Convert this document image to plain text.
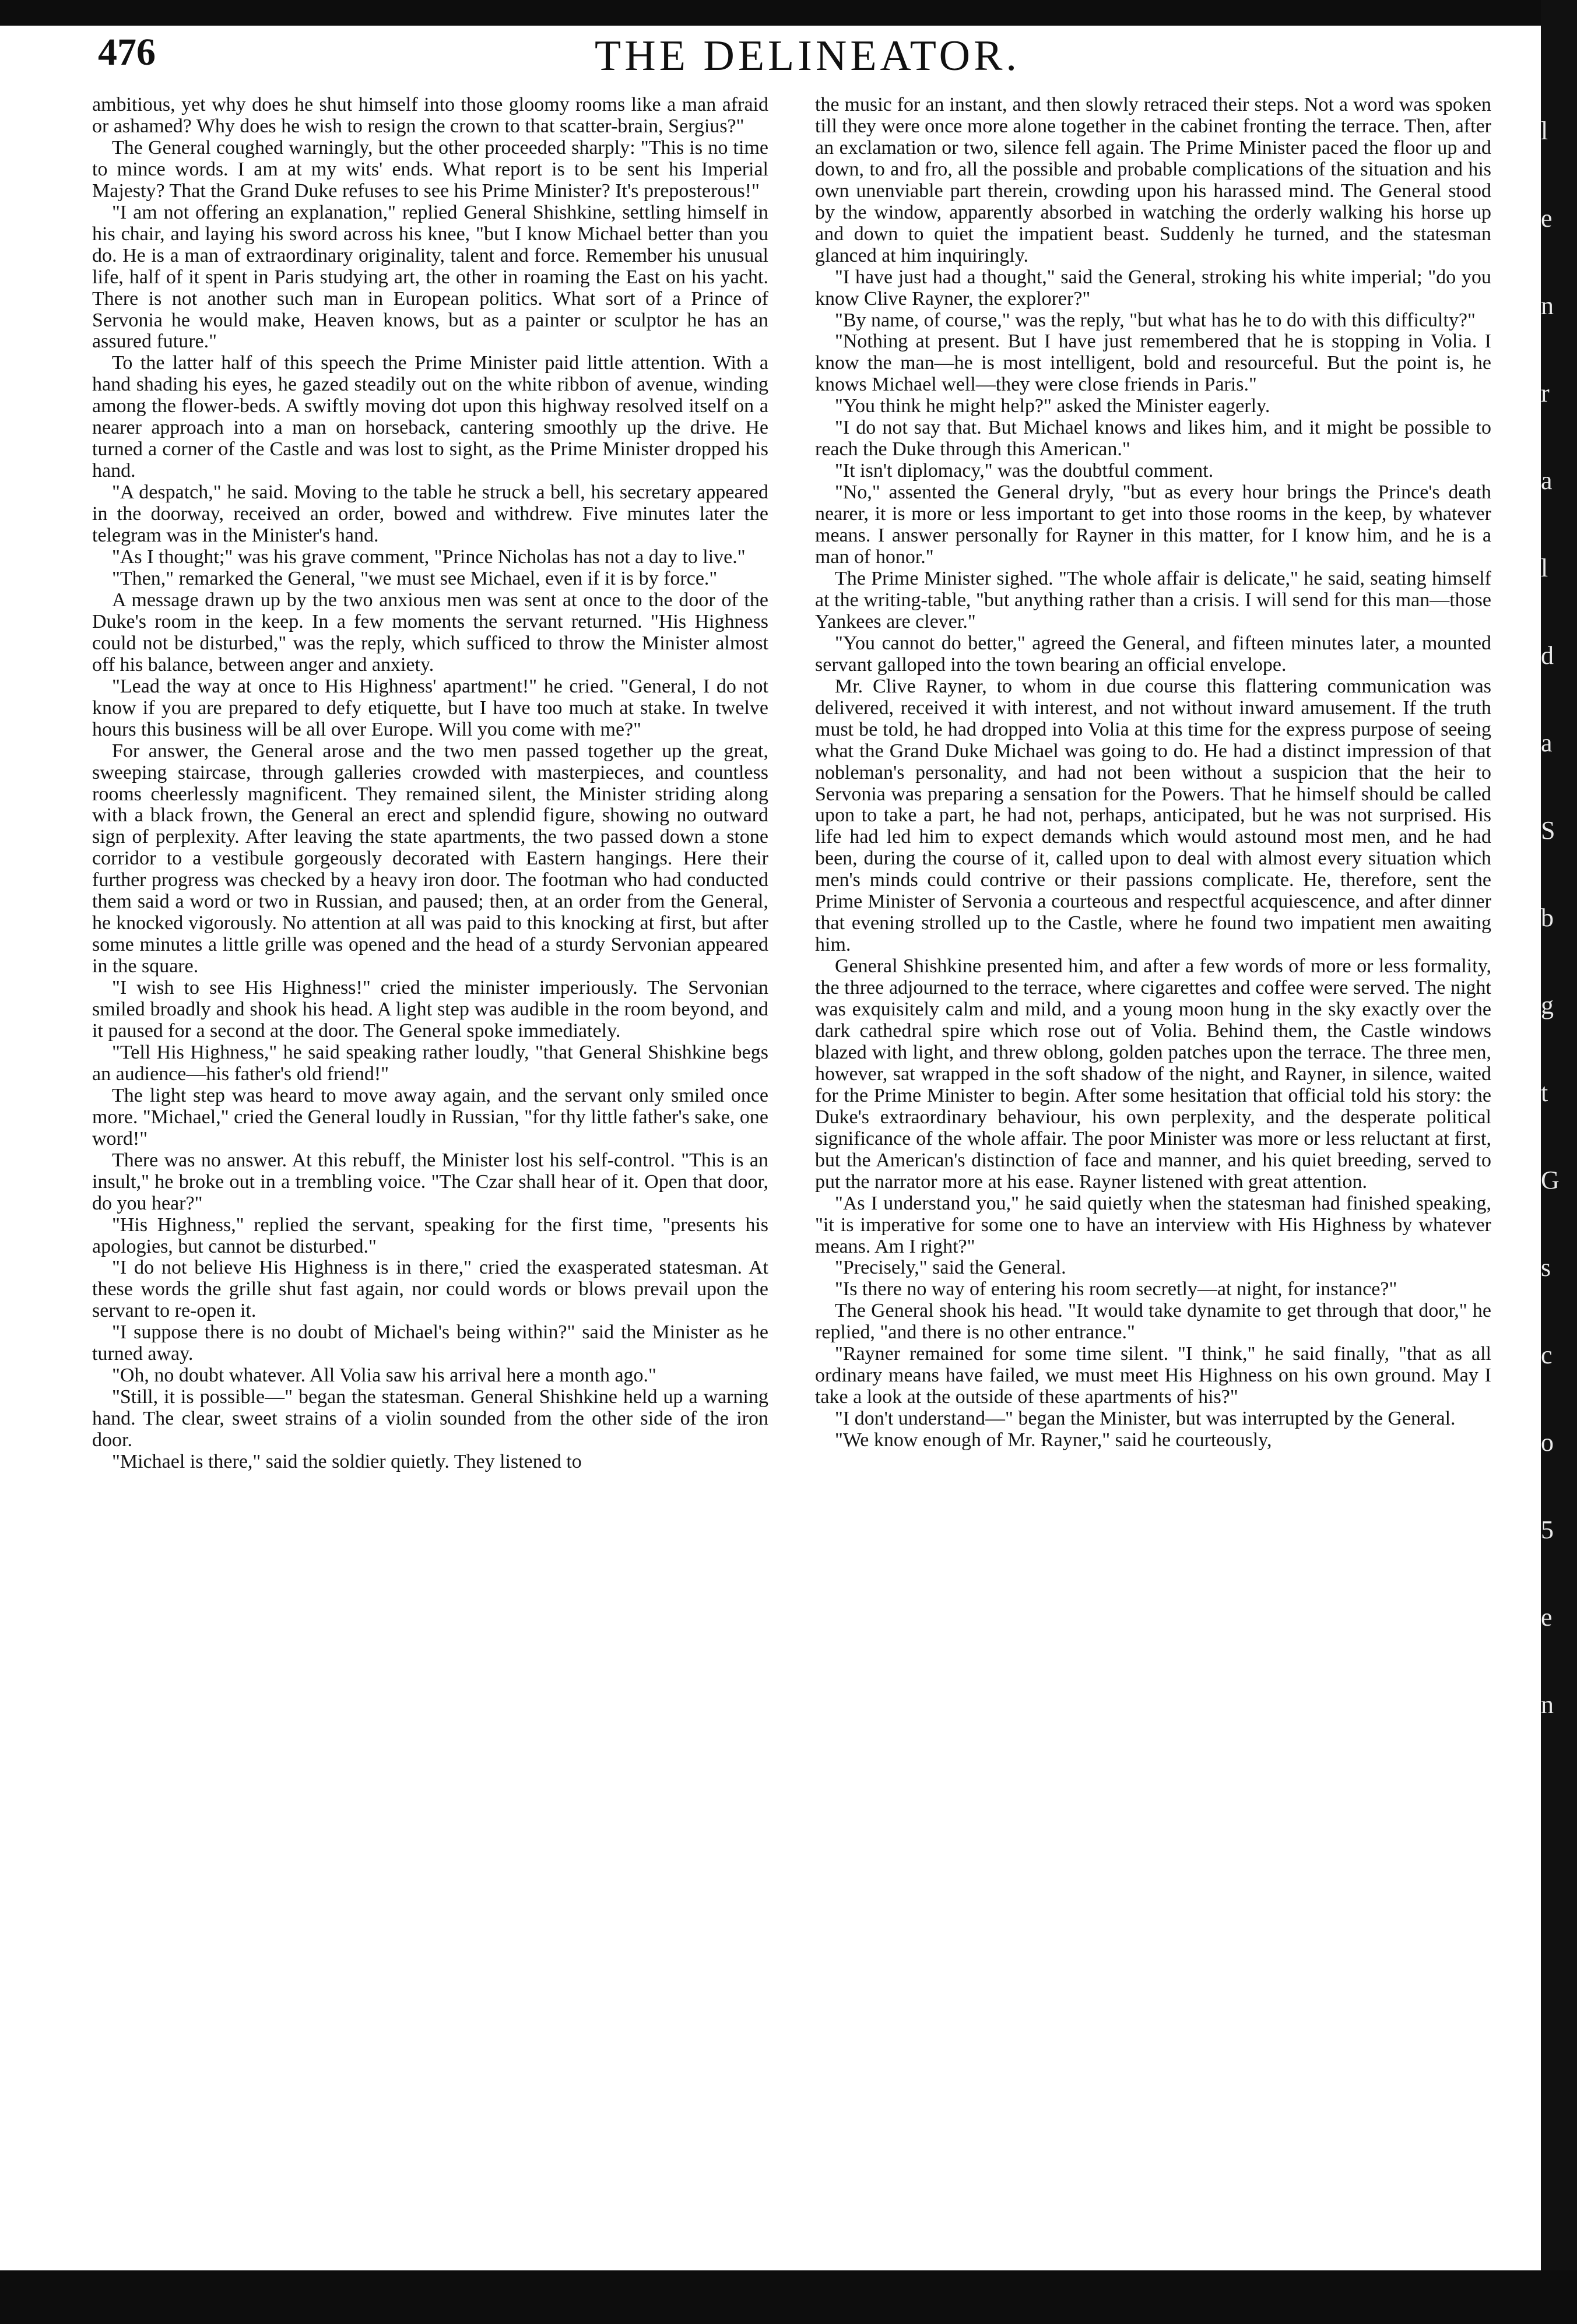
476	THE DELINEATOR.

ambitious, yet why does he shut himself into those gloomy rooms like a man afraid or ashamed? Why does he wish to resign the crown to that scatter-brain, Sergius?"

The General coughed warningly, but the other proceeded sharply: "This is no time to mince words. I am at my wits' ends. What report is to be sent his Imperial Majesty? That the Grand Duke refuses to see his Prime Minister? It's preposterous!"

"I am not offering an explanation," replied General Shishkine, settling himself in his chair, and laying his sword across his knee, "but I know Michael better than you do. He is a man of extraordinary originality, talent and force. Remember his unusual life, half of it spent in Paris studying art, the other in roaming the East on his yacht. There is not another such man in European politics. What sort of a Prince of Servonia he would make, Heaven knows, but as a painter or sculptor he has an assured future."

To the latter half of this speech the Prime Minister paid little attention. With a hand shading his eyes, he gazed steadily out on the white ribbon of avenue, winding among the flower-beds. A swiftly moving dot upon this highway resolved itself on a nearer approach into a man on horseback, cantering smoothly up the drive. He turned a corner of the Castle and was lost to sight, as the Prime Minister dropped his hand.

"A despatch," he said. Moving to the table he struck a bell, his secretary appeared in the doorway, received an order, bowed and withdrew. Five minutes later the telegram was in the Minister's hand.

"As I thought;" was his grave comment, "Prince Nicholas has not a day to live."

"Then," remarked the General, "we must see Michael, even if it is by force."

A message drawn up by the two anxious men was sent at once to the door of the Duke's room in the keep. In a few moments the servant returned. "His Highness could not be disturbed," was the reply, which sufficed to throw the Minister almost off his balance, between anger and anxiety.

"Lead the way at once to His Highness' apartment!" he cried. "General, I do not know if you are prepared to defy etiquette, but I have too much at stake. In twelve hours this business will be all over Europe. Will you come with me?"

For answer, the General arose and the two men passed together up the great, sweeping staircase, through galleries crowded with masterpieces, and countless rooms cheerlessly magnificent. They remained silent, the Minister striding along with a black frown, the General an erect and splendid figure, showing no outward sign of perplexity. After leaving the state apartments, the two passed down a stone corridor to a vestibule gorgeously decorated with Eastern hangings. Here their further progress was checked by a heavy iron door. The footman who had conducted them said a word or two in Russian, and paused; then, at an order from the General, he knocked vigorously. No attention at all was paid to this knocking at first, but after some minutes a little grille was opened and the head of a sturdy Servonian appeared in the square.

"I wish to see His Highness!" cried the minister imperiously. The Servonian smiled broadly and shook his head. A light step was audible in the room beyond, and it paused for a second at the door. The General spoke immediately.

"Tell His Highness," he said speaking rather loudly, "that General Shishkine begs an audience—his father's old friend!"

The light step was heard to move away again, and the servant only smiled once more. "Michael," cried the General loudly in Russian, "for thy little father's sake, one word!"

There was no answer. At this rebuff, the Minister lost his self-control. "This is an insult," he broke out in a trembling voice. "The Czar shall hear of it. Open that door, do you hear?"

"His Highness," replied the servant, speaking for the first time, "presents his apologies, but cannot be disturbed."

"I do not believe His Highness is in there," cried the exasperated statesman. At these words the grille shut fast again, nor could words or blows prevail upon the servant to re-open it.

"I suppose there is no doubt of Michael's being within?" said the Minister as he turned away.

"Oh, no doubt whatever. All Volia saw his arrival here a month ago."

"Still, it is possible—" began the statesman. General Shishkine held up a warning hand. The clear, sweet strains of a violin sounded from the other side of the iron door.

"Michael is there," said the soldier quietly. They listened to

the music for an instant, and then slowly retraced their steps. Not a word was spoken till they were once more alone together in the cabinet fronting the terrace. Then, after an exclamation or two, silence fell again. The Prime Minister paced the floor up and down, to and fro, all the possible and probable complications of the situation and his own unenviable part therein, crowding upon his harassed mind. The General stood by the window, apparently absorbed in watching the orderly walking his horse up and down to quiet the impatient beast. Suddenly he turned, and the statesman glanced at him inquiringly.

"I have just had a thought," said the General, stroking his white imperial; "do you know Clive Rayner, the explorer?"

"By name, of course," was the reply, "but what has he to do with this difficulty?"

"Nothing at present. But I have just remembered that he is stopping in Volia. I know the man—he is most intelligent, bold and resourceful. But the point is, he knows Michael well—they were close friends in Paris."

"You think he might help?" asked the Minister eagerly.

"I do not say that. But Michael knows and likes him, and it might be possible to reach the Duke through this American."

"It isn't diplomacy," was the doubtful comment.

"No," assented the General dryly, "but as every hour brings the Prince's death nearer, it is more or less important to get into those rooms in the keep, by whatever means. I answer personally for Rayner in this matter, for I know him, and he is a man of honor."

The Prime Minister sighed. "The whole affair is delicate," he said, seating himself at the writing-table, "but anything rather than a crisis. I will send for this man—those Yankees are clever."

"You cannot do better," agreed the General, and fifteen minutes later, a mounted servant galloped into the town bearing an official envelope.

Mr. Clive Rayner, to whom in due course this flattering communication was delivered, received it with interest, and not without inward amusement. If the truth must be told, he had dropped into Volia at this time for the express purpose of seeing what the Grand Duke Michael was going to do. He had a distinct impression of that nobleman's personality, and had not been without a suspicion that the heir to Servonia was preparing a sensation for the Powers. That he himself should be called upon to take a part, he had not, perhaps, anticipated, but he was not surprised. His life had led him to expect demands which would astound most men, and he had been, during the course of it, called upon to deal with almost every situation which men's minds could contrive or their passions complicate. He, therefore, sent the Prime Minister of Servonia a courteous and respectful acquiescence, and after dinner that evening strolled up to the Castle, where he found two impatient men awaiting him.

General Shishkine presented him, and after a few words of more or less formality, the three adjourned to the terrace, where cigarettes and coffee were served. The night was exquisitely calm and mild, and a young moon hung in the sky exactly over the dark cathedral spire which rose out of Volia. Behind them, the Castle windows blazed with light, and threw oblong, golden patches upon the terrace. The three men, however, sat wrapped in the soft shadow of the night, and Rayner, in silence, waited for the Prime Minister to begin. After some hesitation that official told his story: the Duke's extraordinary behaviour, his own perplexity, and the desperate political significance of the whole affair. The poor Minister was more or less reluctant at first, but the American's distinction of face and manner, and his quiet breeding, served to put the narrator more at his ease. Rayner listened with great attention.

"As I understand you," he said quietly when the statesman had finished speaking, "it is imperative for some one to have an interview with His Highness by whatever means. Am I right?"

"Precisely," said the General.

"Is there no way of entering his room secretly—at night, for instance?"

The General shook his head. "It would take dynamite to get through that door," he replied, "and there is no other entrance."

"Rayner remained for some time silent. "I think," he said finally, "that as all ordinary means have failed, we must meet His Highness on his own ground. May I take a look at the outside of these apartments of his?"

"I don't understand—" began the Minister, but was interrupted by the General.

"We know enough of Mr. Rayner," said he courteously,

l
e
n
r
a
l
d
a
S
b
g
t
G
s
c
o
5
e
n
